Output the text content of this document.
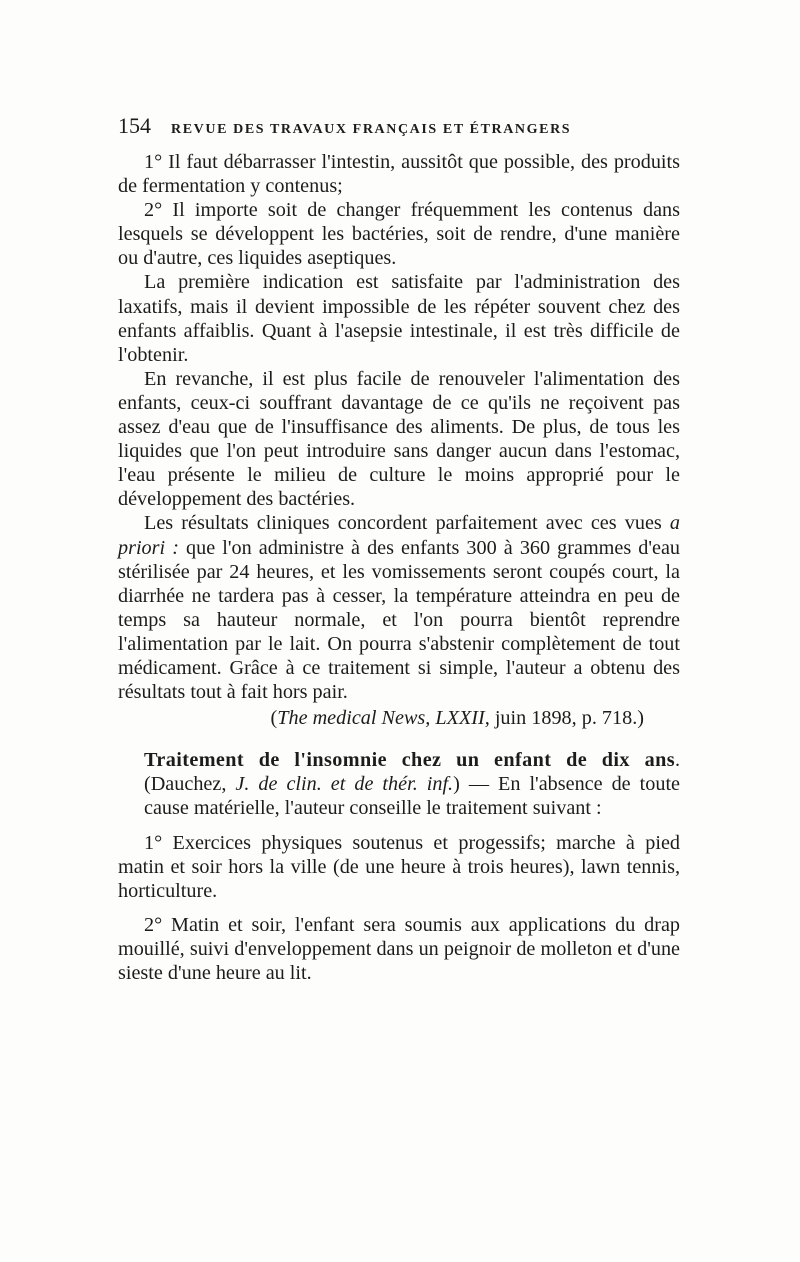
154 REVUE DES TRAVAUX FRANÇAIS ET ÉTRANGERS

1° Il faut débarrasser l'intestin, aussitôt que possible, des produits de fermentation y contenus;

2° Il importe soit de changer fréquemment les contenus dans lesquels se développent les bactéries, soit de rendre, d'une manière ou d'autre, ces liquides aseptiques.

La première indication est satisfaite par l'administration des laxatifs, mais il devient impossible de les répéter souvent chez des enfants affaiblis. Quant à l'asepsie intestinale, il est très difficile de l'obtenir.

En revanche, il est plus facile de renouveler l'alimentation des enfants, ceux-ci souffrant davantage de ce qu'ils ne reçoivent pas assez d'eau que de l'insuffisance des aliments. De plus, de tous les liquides que l'on peut introduire sans danger aucun dans l'estomac, l'eau présente le milieu de culture le moins approprié pour le développement des bactéries.

Les résultats cliniques concordent parfaitement avec ces vues a priori : que l'on administre à des enfants 300 à 360 grammes d'eau stérilisée par 24 heures, et les vomissements seront coupés court, la diarrhée ne tardera pas à cesser, la température atteindra en peu de temps sa hauteur normale, et l'on pourra bientôt reprendre l'alimentation par le lait. On pourra s'abstenir complètement de tout médicament. Grâce à ce traitement si simple, l'auteur a obtenu des résultats tout à fait hors pair.

(The medical News, LXXII, juin 1898, p. 718.)

Traitement de l'insomnie chez un enfant de dix ans. (Dauchez, J. de clin. et de thér. inf.) — En l'absence de toute cause matérielle, l'auteur conseille le traitement suivant :

1° Exercices physiques soutenus et progessifs; marche à pied matin et soir hors la ville (de une heure à trois heures), lawn tennis, horticulture.

2° Matin et soir, l'enfant sera soumis aux applications du drap mouillé, suivi d'enveloppement dans un peignoir de molleton et d'une sieste d'une heure au lit.
